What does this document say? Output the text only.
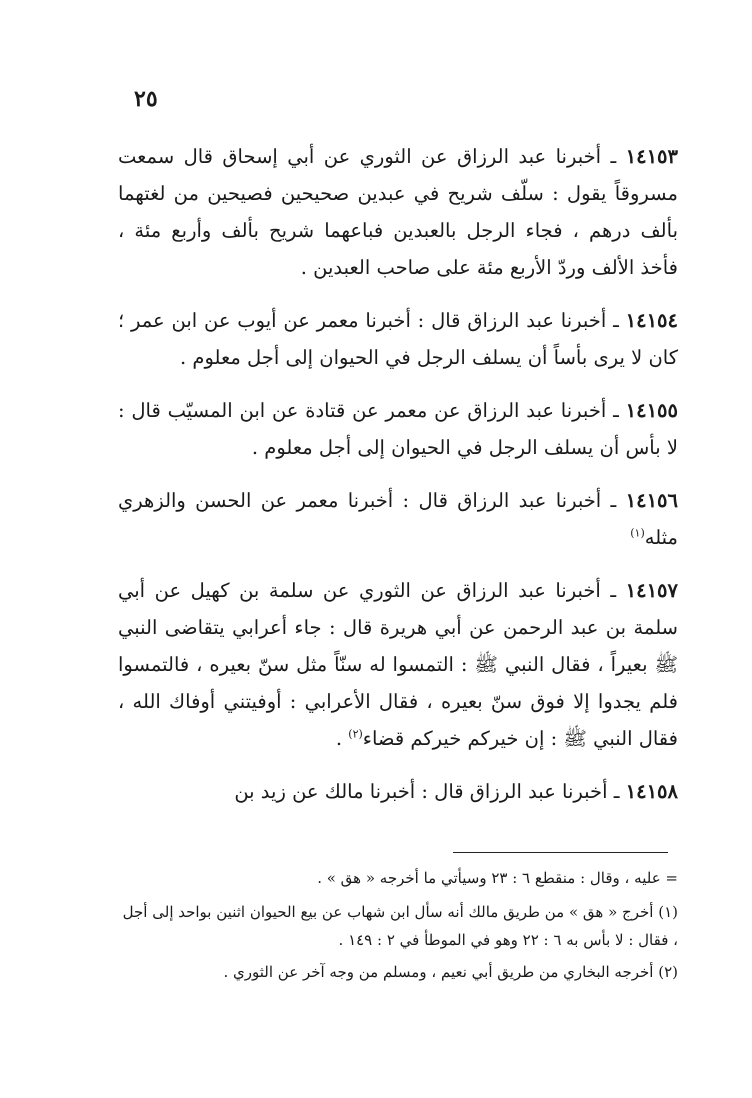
٢٥

١٤١٥٣ ـ أخبرنا عبد الرزاق عن الثوري عن أبي إسحاق قال سمعت مسروقاً يقول : سلّف شريح في عبدين صحيحين فصيحين من لغتهما بألف درهم ، فجاء الرجل بالعبدين فباعهما شريح بألف وأربع مئة ، فأخذ الألف وردّ الأربع مئة على صاحب العبدين .

١٤١٥٤ ـ أخبرنا عبد الرزاق قال : أخبرنا معمر عن أيوب عن ابن عمر ؛ كان لا يرى بأساً أن يسلف الرجل في الحيوان إلى أجل معلوم .

١٤١٥٥ ـ أخبرنا عبد الرزاق عن معمر عن قتادة عن ابن المسيّب قال : لا بأس أن يسلف الرجل في الحيوان إلى أجل معلوم .

١٤١٥٦ ـ أخبرنا عبد الرزاق قال : أخبرنا معمر عن الحسن والزهري مثله$^{(١)}$

١٤١٥٧ ـ أخبرنا عبد الرزاق عن الثوري عن سلمة بن كهيل عن أبي سلمة بن عبد الرحمن عن أبي هريرة قال : جاء أعرابي يتقاضى النبي ﷺ بعيراً ، فقال النبي ﷺ : التمسوا له سنّاً مثل سنّ بعيره ، فالتمسوا فلم يجدوا إلا فوق سنّ بعيره ، فقال الأعرابي : أوفيتني أوفاك الله ، فقال النبي ﷺ : إن خيركم خيركم قضاء$^{(٢)}$ .

١٤١٥٨ ـ أخبرنا عبد الرزاق قال : أخبرنا مالك عن زيد بن

= عليه ، وقال : منقطع ٦ : ٢٣ وسيأتي ما أخرجه « هق » .

(١) أخرج « هق » من طريق مالك أنه سأل ابن شهاب عن بيع الحيوان اثنين بواحد إلى أجل ، فقال : لا بأس به ٦ : ٢٢ وهو في الموطأ في ٢ : ١٤٩ .

(٢) أخرجه البخاري من طريق أبي نعيم ، ومسلم من وجه آخر عن الثوري .
